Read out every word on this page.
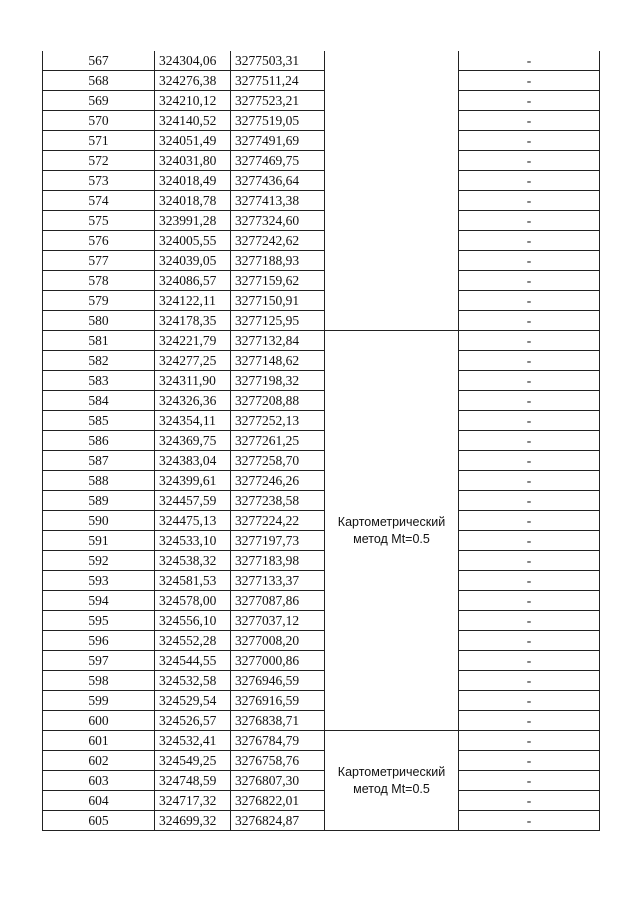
567	324304,06	3277503,31		-
568	324276,38	3277511,24		-
569	324210,12	3277523,21		-
570	324140,52	3277519,05		-
571	324051,49	3277491,69		-
572	324031,80	3277469,75		-
573	324018,49	3277436,64		-
574	324018,78	3277413,38		-
575	323991,28	3277324,60		-
576	324005,55	3277242,62		-
577	324039,05	3277188,93		-
578	324086,57	3277159,62		-
579	324122,11	3277150,91		-
580	324178,35	3277125,95		-
581	324221,79	3277132,84	Картометрический метод Mt=0.5	-
582	324277,25	3277148,62		-
583	324311,90	3277198,32		-
584	324326,36	3277208,88		-
585	324354,11	3277252,13		-
586	324369,75	3277261,25		-
587	324383,04	3277258,70		-
588	324399,61	3277246,26		-
589	324457,59	3277238,58		-
590	324475,13	3277224,22		-
591	324533,10	3277197,73		-
592	324538,32	3277183,98		-
593	324581,53	3277133,37		-
594	324578,00	3277087,86		-
595	324556,10	3277037,12		-
596	324552,28	3277008,20		-
597	324544,55	3277000,86		-
598	324532,58	3276946,59		-
599	324529,54	3276916,59		-
600	324526,57	3276838,71		-
601	324532,41	3276784,79	Картометрический метод Mt=0.5	-
602	324549,25	3276758,76		-
603	324748,59	3276807,30		-
604	324717,32	3276822,01		-
605	324699,32	3276824,87		-
